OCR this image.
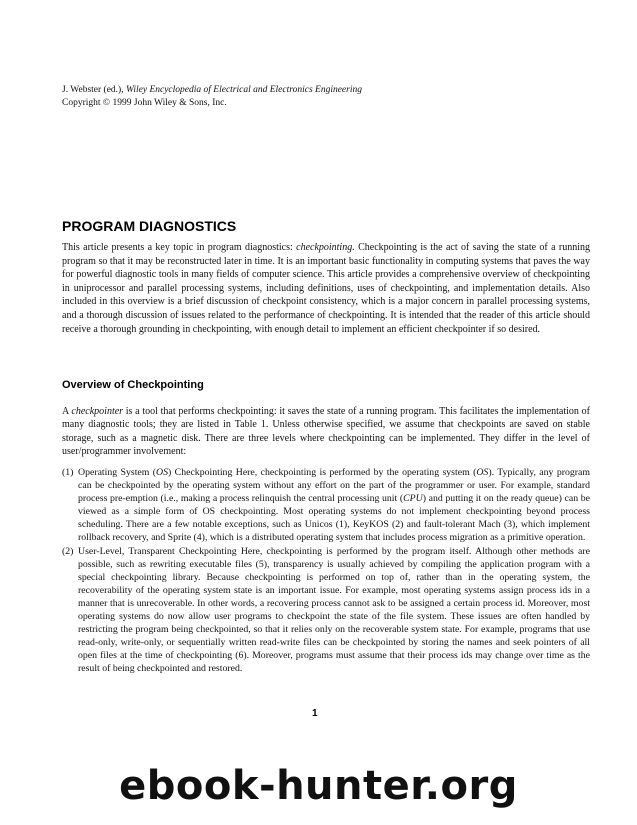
J. Webster (ed.), Wiley Encyclopedia of Electrical and Electronics Engineering
Copyright © 1999 John Wiley & Sons, Inc.
PROGRAM DIAGNOSTICS

This article presents a key topic in program diagnostics: checkpointing. Checkpointing is the act of saving the state of a running program so that it may be reconstructed later in time. It is an important basic functionality in computing systems that paves the way for powerful diagnostic tools in many fields of computer science. This article provides a comprehensive overview of checkpointing in uniprocessor and parallel processing systems, including definitions, uses of checkpointing, and implementation details. Also included in this overview is a brief discussion of checkpoint consistency, which is a major concern in parallel processing systems, and a thorough discussion of issues related to the performance of checkpointing. It is intended that the reader of this article should receive a thorough grounding in checkpointing, with enough detail to implement an efficient checkpointer if so desired.

Overview of Checkpointing

A checkpointer is a tool that performs checkpointing: it saves the state of a running program. This facilitates the implementation of many diagnostic tools; they are listed in Table 1. Unless otherwise specified, we assume that checkpoints are saved on stable storage, such as a magnetic disk. There are three levels where checkpointing can be implemented. They differ in the level of user/programmer involvement:

(1) Operating System (OS) Checkpointing Here, checkpointing is performed by the operating system (OS). Typically, any program can be checkpointed by the operating system without any effort on the part of the programmer or user. For example, standard process pre-emption (i.e., making a process relinquish the central processing unit (CPU) and putting it on the ready queue) can be viewed as a simple form of OS checkpointing. Most operating systems do not implement checkpointing beyond process scheduling. There are a few notable exceptions, such as Unicos (1), KeyKOS (2) and fault-tolerant Mach (3), which implement rollback recovery, and Sprite (4), which is a distributed operating system that includes process migration as a primitive operation.
(2) User-Level, Transparent Checkpointing Here, checkpointing is performed by the program itself. Although other methods are possible, such as rewriting executable files (5), transparency is usually achieved by compiling the application program with a special checkpointing library. Because checkpointing is performed on top of, rather than in the operating system, the recoverability of the operating system state is an important issue. For example, most operating systems assign process ids in a manner that is unrecoverable. In other words, a recovering process cannot ask to be assigned a certain process id. Moreover, most operating systems do now allow user programs to checkpoint the state of the file system. These issues are often handled by restricting the program being checkpointed, so that it relies only on the recoverable system state. For example, programs that use read-only, write-only, or sequentially written read-write files can be checkpointed by storing the names and seek pointers of all open files at the time of checkpointing (6). Moreover, programs must assume that their process ids may change over time as the result of being checkpointed and restored.
1
ebook-hunter.org
